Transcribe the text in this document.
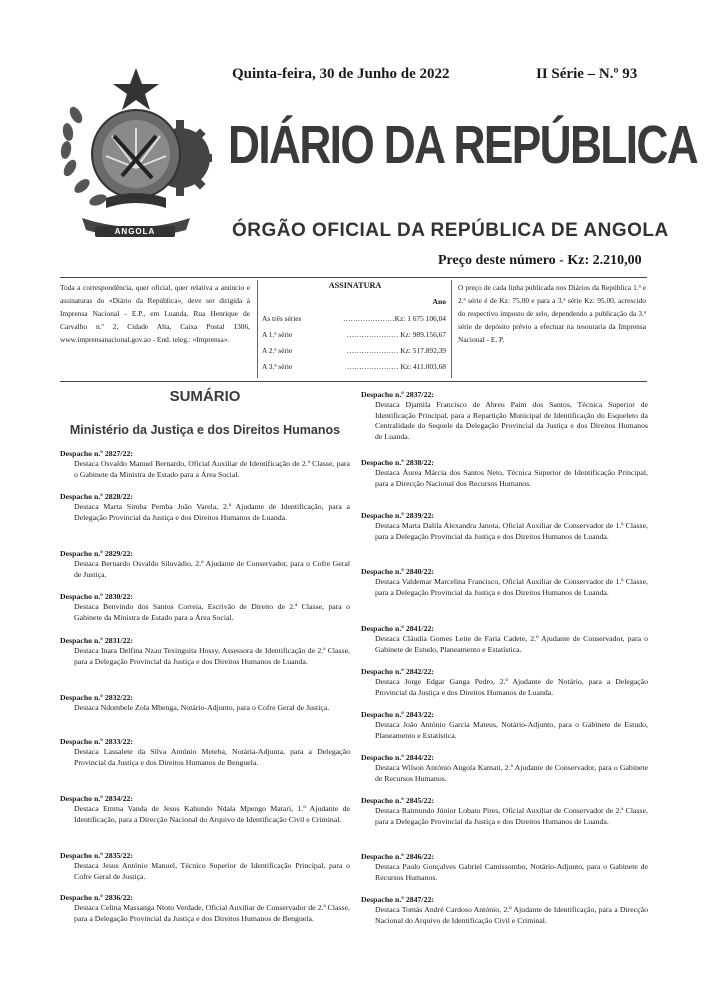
ANGOLA
Quinta-feira, 30 de Junho de 2022	II Série – N.º 93
DIÁRIO DA REPÚBLICA
ÓRGÃO OFICIAL DA REPÚBLICA DE ANGOLA
Preço deste número - Kz: 2.210,00
Toda a correspondência, quer oficial, quer relativa a anúncio e assinaturas do «Diário da República», deve ser dirigida à Imprensa Nacional - E.P., em Luanda, Rua Henrique de Carvalho n.º 2, Cidade Alta, Caixa Postal 1306, www.imprensanacional.gov.ao - End. teleg.: «Imprensa».
ASSINATURA
Ano
As três séries	…………………Kz: 1 675 106,04
A 1.ª série	………………… Kz: 989.156,67
A 2.ª série	………………… Kz: 517.892,39
A 3.ª série	………………… Kz: 411.003,68
O preço de cada linha publicada nos Diários da República 1.ª e 2.ª série é de Kz: 75.00 e para a 3.ª série Kz: 95.00, acrescido do respectivo imposto de selo, dependendo a publicação da 3.ª série de depósito prévio a efectuar na tesouraria da Imprensa Nacional - E. P.
SUMÁRIO
Ministério da Justiça e dos Direitos Humanos
Despacho n.º 2827/22:
Destaca Osvaldo Manuel Bernardo, Oficial Auxiliar de Identificação de 2.ª Classe, para o Gabinete da Ministra de Estado para a Área Social.
Despacho n.º 2828/22:
Destaca Marta Simba Pemba João Varela, 2.º Ajudante de Identificação, para a Delegação Provincial da Justiça e dos Direitos Humanos de Luanda.
Despacho n.º 2829/22:
Destaca Bernardo Osvaldo Siluvádio, 2.º Ajudante de Conservador, para o Cofre Geral de Justiça.
Despacho n.º 2830/22:
Destaca Benvindo dos Santos Correia, Escrivão de Direito de 2.ª Classe, para o Gabinete da Ministra de Estado para a Área Social.
Despacho n.º 2831/22:
Destaca Inara Delfina Nzau Texinguita Hossy, Assessora de Identificação de 2.ª Classe, para a Delegação Provincial da Justiça e dos Direitos Humanos de Luanda.
Despacho n.º 2832/22:
Destaca Ndombele Zola Mbenga, Notário-Adjunto, para o Cofre Geral de Justiça.
Despacho n.º 2833/22:
Destaca Lassalete da Silva António Meteba, Notária-Adjunta, para a Delegação Provincial da Justiça e dos Direitos Humanos de Benguela.
Despacho n.º 2834/22:
Destaca Emma Vanda de Jesus Kahundo Ndala Mpengo Matari, 1.º Ajudante de Identificação, para a Direcção Nacional do Arquivo de Identificação Civil e Criminal.
Despacho n.º 2835/22:
Destaca Jesus António Manuel, Técnico Superior de Identificação Principal, para o Cofre Geral de Justiça.
Despacho n.º 2836/22:
Destaca Celina Massanga Ntoto Verdade, Oficial Auxiliar de Conservador de 2.ª Classe, para a Delegação Provincial da Justiça e dos Direitos Humanos de Benguela.
Despacho n.º 2837/22:
Destaca Djamila Francisco de Abreu Paim dos Santos, Técnica Superior de Identificação Principal, para a Repartição Municipal de Identificação do Esqueleto da Centralidade do Sequele da Delegação Provincial da Justiça e dos Direitos Humanos de Luanda.
Despacho n.º 2838/22:
Destaca Áurea Márcia dos Santos Neto, Técnica Superior de Identificação Principal, para a Direcção Nacional dos Recursos Humanos.
Despacho n.º 2839/22:
Destaca Marta Dalila Alexandra Janota, Oficial Auxiliar de Conservador de 1.ª Classe, para a Delegação Provincial da Justiça e dos Direitos Humanos de Luanda.
Despacho n.º 2840/22:
Destaca Valdemar Marcelina Francisco, Oficial Auxiliar de Conservador de 1.ª Classe, para a Delegação Provincial da Justiça e dos Direitos Humanos de Luanda.
Despacho n.º 2841/22:
Destaca Cláudia Gomes Leite de Faria Cadete, 2.º Ajudante de Conservador, para o Gabinete de Estudo, Planeamento e Estatística.
Despacho n.º 2842/22:
Destaca Jorge Edgar Ganga Pedro, 2.º Ajudante de Notário, para a Delegação Provincial da Justiça e dos Direitos Humanos de Luanda.
Despacho n.º 2843/22:
Destaca João António Garcia Mateus, Notário-Adjunto, para o Gabinete de Estudo, Planeamento e Estatística.
Despacho n.º 2844/22:
Destaca Wilson António Angola Kamati, 2.º Ajudante de Conservador, para o Gabinete de Recursos Humanos.
Despacho n.º 2845/22:
Destaca Raimundo Júnior Lobato Pires, Oficial Auxiliar de Conservador de 2.ª Classe, para a Delegação Provincial da Justiça e dos Direitos Humanos de Luanda.
Despacho n.º 2846/22:
Destaca Paulo Gonçalves Gabriel Camissombo, Notário-Adjunto, para o Gabinete de Recursos Humanos.
Despacho n.º 2847/22:
Destaca Tomás André Cardoso António, 2.º Ajudante de Identificação, para a Direcção Nacional do Arquivo de Identificação Civil e Criminal.
